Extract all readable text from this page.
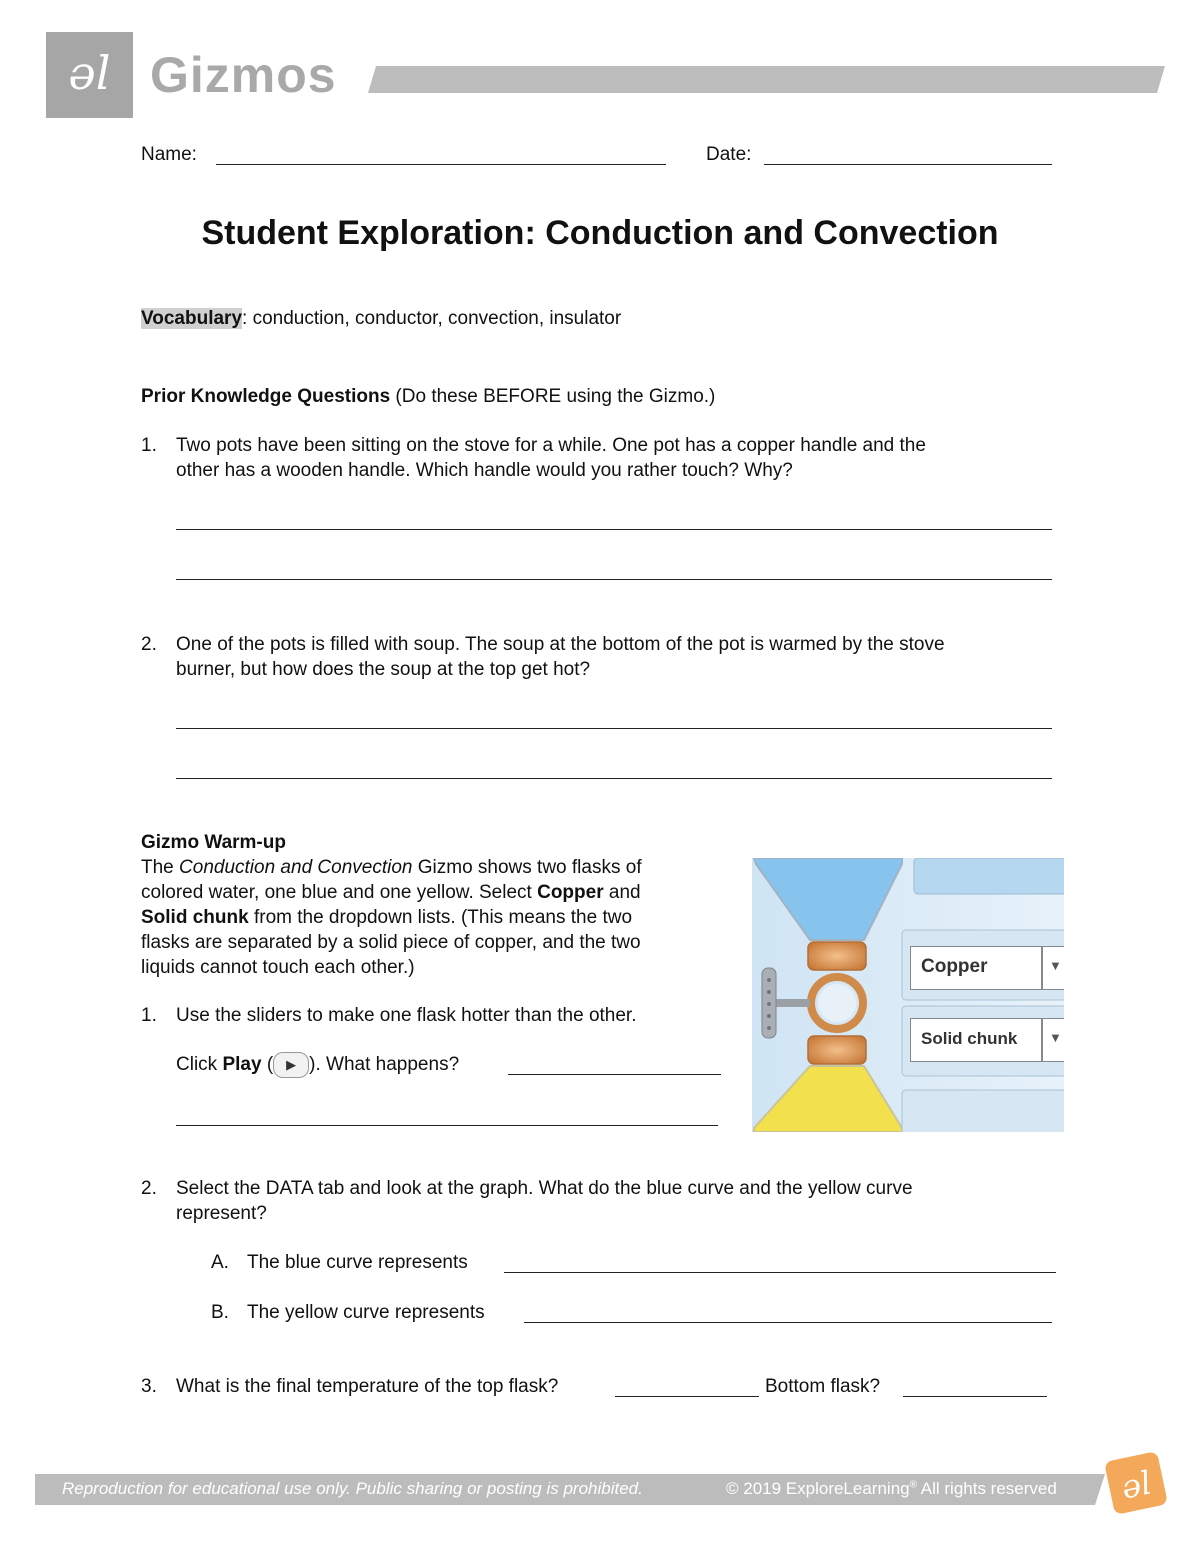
əl Gizmos
Name:	Date:
Student Exploration: Conduction and Convection
Vocabulary: conduction, conductor, convection, insulator
Prior Knowledge Questions (Do these BEFORE using the Gizmo.)
1. Two pots have been sitting on the stove for a while. One pot has a copper handle and the
other has a wooden handle. Which handle would you rather touch? Why?
2. One of the pots is filled with soup. The soup at the bottom of the pot is warmed by the stove
burner, but how does the soup at the top get hot?
Gizmo Warm-up
The Conduction and Convection Gizmo shows two flasks of
colored water, one blue and one yellow. Select Copper and
Solid chunk from the dropdown lists. (This means the two
flasks are separated by a solid piece of copper, and the two
liquids cannot touch each other.)
1. Use the sliders to make one flask hotter than the other.
Click Play ( ▶ ). What happens?
Copper	▼
Solid chunk ▼
2. Select the DATA tab and look at the graph. What do the blue curve and the yellow curve
represent?
A. The blue curve represents
B. The yellow curve represents
3. What is the final temperature of the top flask?	Bottom flask?
Reproduction for educational use only. Public sharing or posting is prohibited.	© 2019 ExploreLearning® All rights reserved əl
